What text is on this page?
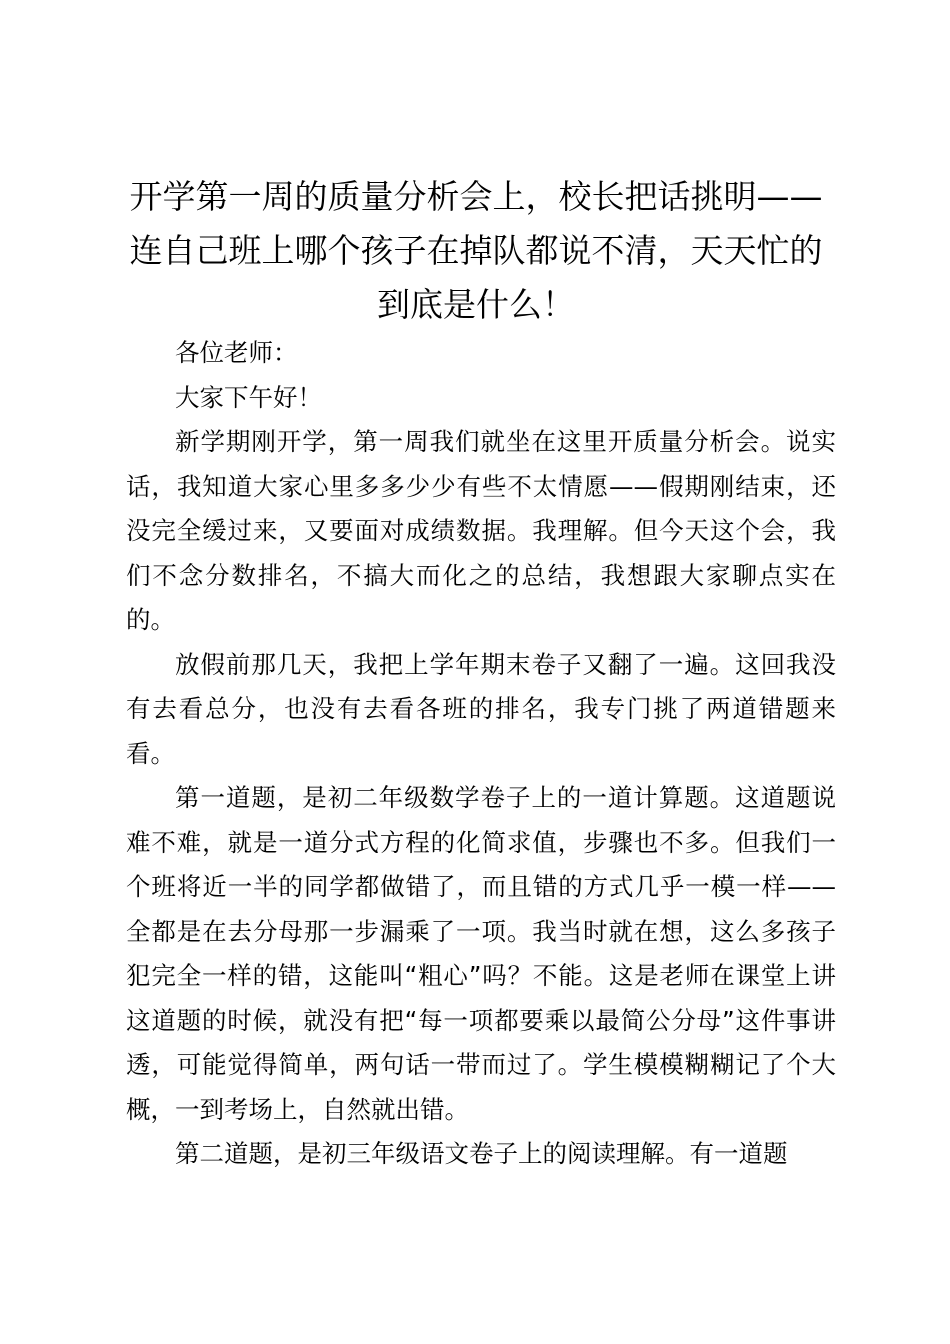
开学第一周的质量分析会上，校长把话挑明——连自己班上哪个孩子在掉队都说不清，天天忙的到底是什么！

各位老师：

大家下午好！

新学期刚开学，第一周我们就坐在这里开质量分析会。说实话，我知道大家心里多多少少有些不太情愿——假期刚结束，还没完全缓过来，又要面对成绩数据。我理解。但今天这个会，我们不念分数排名，不搞大而化之的总结，我想跟大家聊点实在的。

放假前那几天，我把上学年期末卷子又翻了一遍。这回我没有去看总分，也没有去看各班的排名，我专门挑了两道错题来看。

第一道题，是初二年级数学卷子上的一道计算题。这道题说难不难，就是一道分式方程的化简求值，步骤也不多。但我们一个班将近一半的同学都做错了，而且错的方式几乎一模一样——全都是在去分母那一步漏乘了一项。我当时就在想，这么多孩子犯完全一样的错，这能叫“粗心”吗？不能。这是老师在课堂上讲这道题的时候，就没有把“每一项都要乘以最简公分母”这件事讲透，可能觉得简单，两句话一带而过了。学生模模糊糊记了个大概，一到考场上，自然就出错。

第二道题，是初三年级语文卷子上的阅读理解。有一道题
